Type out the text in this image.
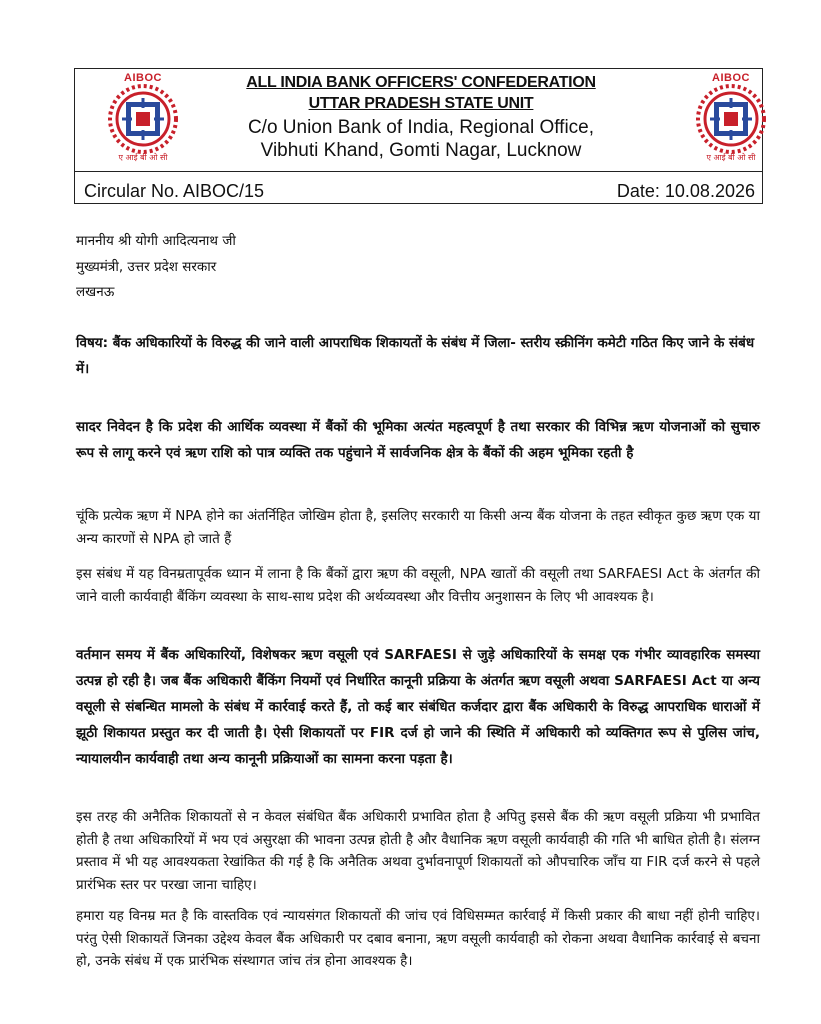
AIBOC
ए आई बी ओ सी
AIBOC
ए आई बी ओ सी
ALL INDIA BANK OFFICERS' CONFEDERATION
UTTAR PRADESH STATE UNIT
C/o Union Bank of India, Regional Office,
Vibhuti Khand, Gomti Nagar, Lucknow
Circular No. AIBOC/15	Date: 10.08.2026
माननीय श्री योगी आदित्यनाथ जी
मुख्यमंत्री, उत्तर प्रदेश सरकार
लखनऊ
विषय: बैंक अधिकारियों के विरुद्ध की जाने वाली आपराधिक शिकायतों के संबंध में जिला- स्तरीय स्क्रीनिंग कमेटी गठित किए जाने के संबंध में।
सादर निवेदन है कि प्रदेश की आर्थिक व्यवस्था में बैंकों की भूमिका अत्यंत महत्वपूर्ण है तथा सरकार की विभिन्न ऋण योजनाओं को सुचारु रूप से लागू करने एवं ऋण राशि को पात्र व्यक्ति तक पहुंचाने में सार्वजनिक क्षेत्र के बैंकों की अहम भूमिका रहती है
चूंकि प्रत्येक ऋण में NPA होने का अंतर्निहित जोखिम होता है, इसलिए सरकारी या किसी अन्य बैंक योजना के तहत स्वीकृत कुछ ऋण एक या अन्य कारणों से NPA हो जाते हैं
इस संबंध में यह विनम्रतापूर्वक ध्यान में लाना है कि बैंकों द्वारा ऋण की वसूली, NPA खातों की वसूली तथा SARFAESI Act के अंतर्गत की जाने वाली कार्यवाही बैंकिंग व्यवस्था के साथ-साथ प्रदेश की अर्थव्यवस्था और वित्तीय अनुशासन के लिए भी आवश्यक है।
वर्तमान समय में बैंक अधिकारियों, विशेषकर ऋण वसूली एवं SARFAESI से जुड़े अधिकारियों के समक्ष एक गंभीर व्यावहारिक समस्या उत्पन्न हो रही है। जब बैंक अधिकारी बैंकिंग नियमों एवं निर्धारित कानूनी प्रक्रिया के अंतर्गत ऋण वसूली अथवा SARFAESI Act या अन्य वसूली से संबन्धित मामलो के संबंध में कार्रवाई करते हैं, तो कई बार संबंधित कर्जदार द्वारा बैंक अधिकारी के विरुद्ध आपराधिक धाराओं में झूठी शिकायत प्रस्तुत कर दी जाती है। ऐसी शिकायतों पर FIR दर्ज हो जाने की स्थिति में अधिकारी को व्यक्तिगत रूप से पुलिस जांच, न्यायालयीन कार्यवाही तथा अन्य कानूनी प्रक्रियाओं का सामना करना पड़ता है।
इस तरह की अनैतिक शिकायतों से न केवल संबंधित बैंक अधिकारी प्रभावित होता है अपितु इससे बैंक की ऋण वसूली प्रक्रिया भी प्रभावित होती है तथा अधिकारियों में भय एवं असुरक्षा की भावना उत्पन्न होती है और वैधानिक ऋण वसूली कार्यवाही की गति भी बाधित होती है। संलग्न प्रस्ताव में भी यह आवश्यकता रेखांकित की गई है कि अनैतिक अथवा दुर्भावनापूर्ण शिकायतों को औपचारिक जाँच या FIR दर्ज करने से पहले प्रारंभिक स्तर पर परखा जाना चाहिए।
हमारा यह विनम्र मत है कि वास्तविक एवं न्यायसंगत शिकायतों की जांच एवं विधिसम्मत कार्रवाई में किसी प्रकार की बाधा नहीं होनी चाहिए। परंतु ऐसी शिकायतें जिनका उद्देश्य केवल बैंक अधिकारी पर दबाव बनाना, ऋण वसूली कार्यवाही को रोकना अथवा वैधानिक कार्रवाई से बचना हो, उनके संबंध में एक प्रारंभिक संस्थागत जांच तंत्र होना आवश्यक है।
